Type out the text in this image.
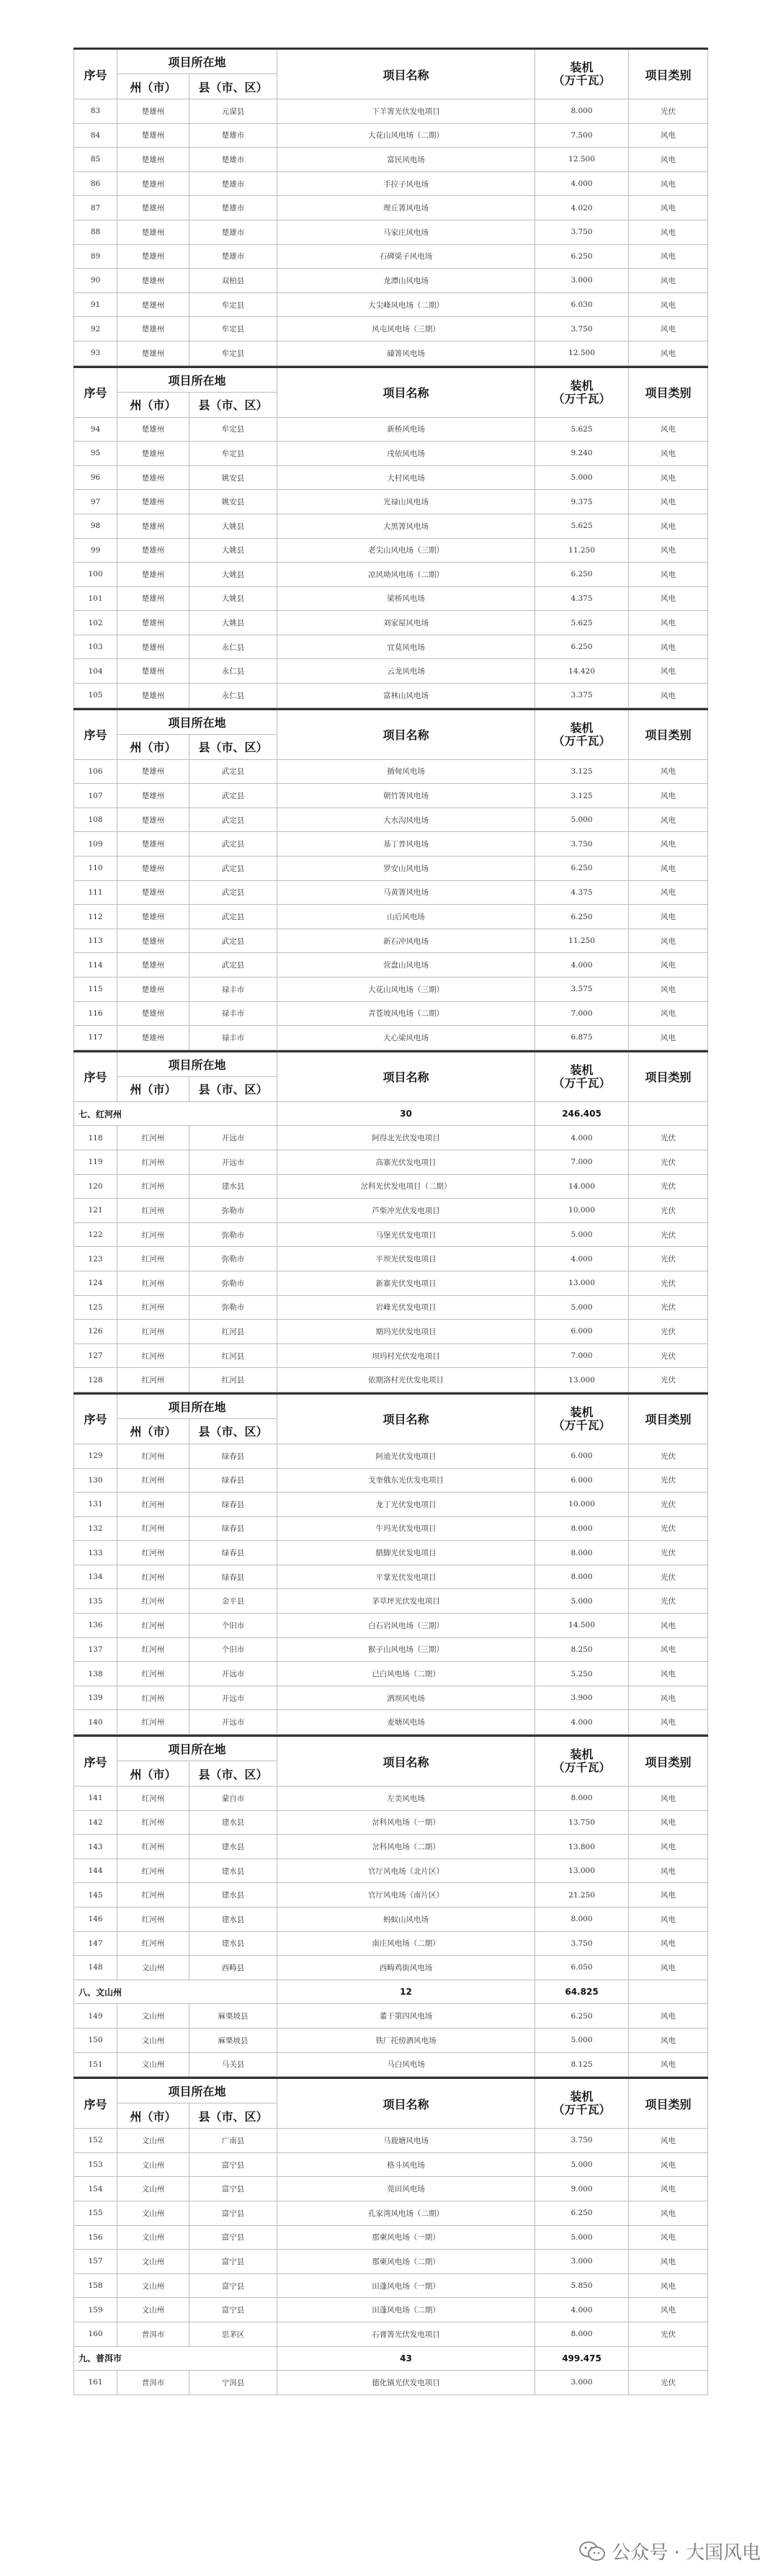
序号	项目所在地		项目名称	装机
（万千瓦）	项目类别
	州（市）	县（市、区）			
83	楚雄州	元谋县	下羊箐光伏发电项目	8.000	光伏
84	楚雄州	楚雄市	大花山风电场（二期）	7.500	风电
85	楚雄州	楚雄市	富民风电场	12.500	风电
86	楚雄州	楚雄市	手拉子风电场	4.000	风电
87	楚雄州	楚雄市	理丘箐风电场	4.020	风电
88	楚雄州	楚雄市	马家庄风电场	3.750	风电
89	楚雄州	楚雄市	石碑梁子风电场	6.250	风电
90	楚雄州	双柏县	龙潭山风电场	3.000	风电
91	楚雄州	牟定县	大尖峰风电场（二期）	6.030	风电
92	楚雄州	牟定县	风屯风电场（三期）	3.750	风电
93	楚雄州	牟定县	磉箐风电场	12.500	风电
序号	项目所在地		项目名称	装机
（万千瓦）	项目类别
	州（市）	县（市、区）			
94	楚雄州	牟定县	新桥风电场	5.625	风电
95	楚雄州	牟定县	戌依风电场	9.240	风电
96	楚雄州	姚安县	大村风电场	5.000	风电
97	楚雄州	姚安县	光禄山风电场	9.375	风电
98	楚雄州	大姚县	大黑箐风电场	5.625	风电
99	楚雄州	大姚县	老尖山风电场（三期）	11.250	风电
100	楚雄州	大姚县	凉风坳风电场（二期）	6.250	风电
101	楚雄州	大姚县	梁桥风电场	4.375	风电
102	楚雄州	大姚县	刘家屋风电场	5.625	风电
103	楚雄州	永仁县	宜莫风电场	6.250	风电
104	楚雄州	永仁县	云龙风电场	14.420	风电
105	楚雄州	永仁县	富林山风电场	3.375	风电
序号	项目所在地		项目名称	装机
（万千瓦）	项目类别
	州（市）	县（市、区）			
106	楚雄州	武定县	插甸风电场	3.125	风电
107	楚雄州	武定县	朝竹箐风电场	3.125	风电
108	楚雄州	武定县	大水沟风电场	5.000	风电
109	楚雄州	武定县	基丁普风电场	3.750	风电
110	楚雄州	武定县	罗安山风电场	6.250	风电
111	楚雄州	武定县	马黄箐风电场	4.375	风电
112	楚雄州	武定县	山后风电场	6.250	风电
113	楚雄州	武定县	新石冲风电场	11.250	风电
114	楚雄州	武定县	营盘山风电场	4.000	风电
115	楚雄州	禄丰市	大花山风电场（三期）	3.575	风电
116	楚雄州	禄丰市	青苍坡风电场（二期）	7.000	风电
117	楚雄州	禄丰市	大心梁风电场	6.875	风电
序号	项目所在地		项目名称	装机
（万千瓦）	项目类别
	州（市）	县（市、区）			
七、红河州			30	246.405	
118	红河州	开远市	阿得北光伏发电项目	4.000	光伏
119	红河州	开远市	高寨光伏发电项目	7.000	光伏
120	红河州	建水县	岔科光伏发电项目（二期）	14.000	光伏
121	红河州	弥勒市	芦柴冲光伏发电项目	10.000	光伏
122	红河州	弥勒市	马堡光伏发电项目	5.000	光伏
123	红河州	弥勒市	平坝光伏发电项目	4.000	光伏
124	红河州	弥勒市	新寨光伏发电项目	13.000	光伏
125	红河州	弥勒市	岩峰光伏发电项目	5.000	光伏
126	红河州	红河县	期玛光伏发电项目	6.000	光伏
127	红河州	红河县	坝玛村光伏发电项目	7.000	光伏
128	红河州	红河县	依期洛村光伏发电项目	13.000	光伏
序号	项目所在地		项目名称	装机
（万千瓦）	项目类别
	州（市）	县（市、区）			
129	红河州	绿春县	阿迪光伏发电项目	6.000	光伏
130	红河州	绿春县	戈奎俄东光伏发电项目	6.000	光伏
131	红河州	绿春县	龙丁光伏发电项目	10.000	光伏
132	红河州	绿春县	牛玛光伏发电项目	8.000	光伏
133	红河州	绿春县	腊脚光伏发电项目	8.000	光伏
134	红河州	绿春县	平掌光伏发电项目	8.000	光伏
135	红河州	金平县	茅草坪光伏发电项目	5.000	光伏
136	红河州	个旧市	白石岩风电场（三期）	14.500	风电
137	红河州	个旧市	猴子山风电场（三期）	8.250	风电
138	红河州	开远市	已白风电场（二期）	5.250	风电
139	红河州	开远市	洒坝风电场	3.900	风电
140	红河州	开远市	麦塘风电场	4.000	风电
序号	项目所在地		项目名称	装机
（万千瓦）	项目类别
	州（市）	县（市、区）			
141	红河州	蒙自市	左美风电场	8.000	风电
142	红河州	建水县	岔科风电场（一期）	13.750	风电
143	红河州	建水县	岔科风电场（二期）	13.800	风电
144	红河州	建水县	官厅风电场（北片区）	13.000	风电
145	红河州	建水县	官厅风电场（南片区）	21.250	风电
146	红河州	建水县	蚂蚁山风电场	8.000	风电
147	红河州	建水县	南庄风电场（二期）	3.750	风电
148	文山州	西畴县	西畴鸡街风电场	6.050	风电
八、文山州			12	64.825	
149	文山州	麻栗坡县	董干第四风电场	6.250	风电
150	文山州	麻栗坡县	铁厂托傍洒风电场	5.000	风电
151	文山州	马关县	马白风电场	8.125	风电
序号	项目所在地		项目名称	装机
（万千瓦）	项目类别
	州（市）	县（市、区）			
152	文山州	广南县	马鹿塘风电场	3.750	风电
153	文山州	富宁县	格斗风电场	5.000	风电
154	文山州	富宁县	莞田风电场	9.000	风电
155	文山州	富宁县	孔家湾风电场（二期）	6.250	风电
156	文山州	富宁县	那柬风电场（一期）	5.000	风电
157	文山州	富宁县	那柬风电场（二期）	3.000	风电
158	文山州	富宁县	田蓬风电场（一期）	5.850	风电
159	文山州	富宁县	田蓬风电场（二期）	4.000	风电
160	普洱市	思茅区	石膏箐光伏发电项目	8.000	光伏
九、普洱市			43	499.475	
161	普洱市	宁洱县	德化镇光伏发电项目	3.000	光伏
公众号 · 大国风电
